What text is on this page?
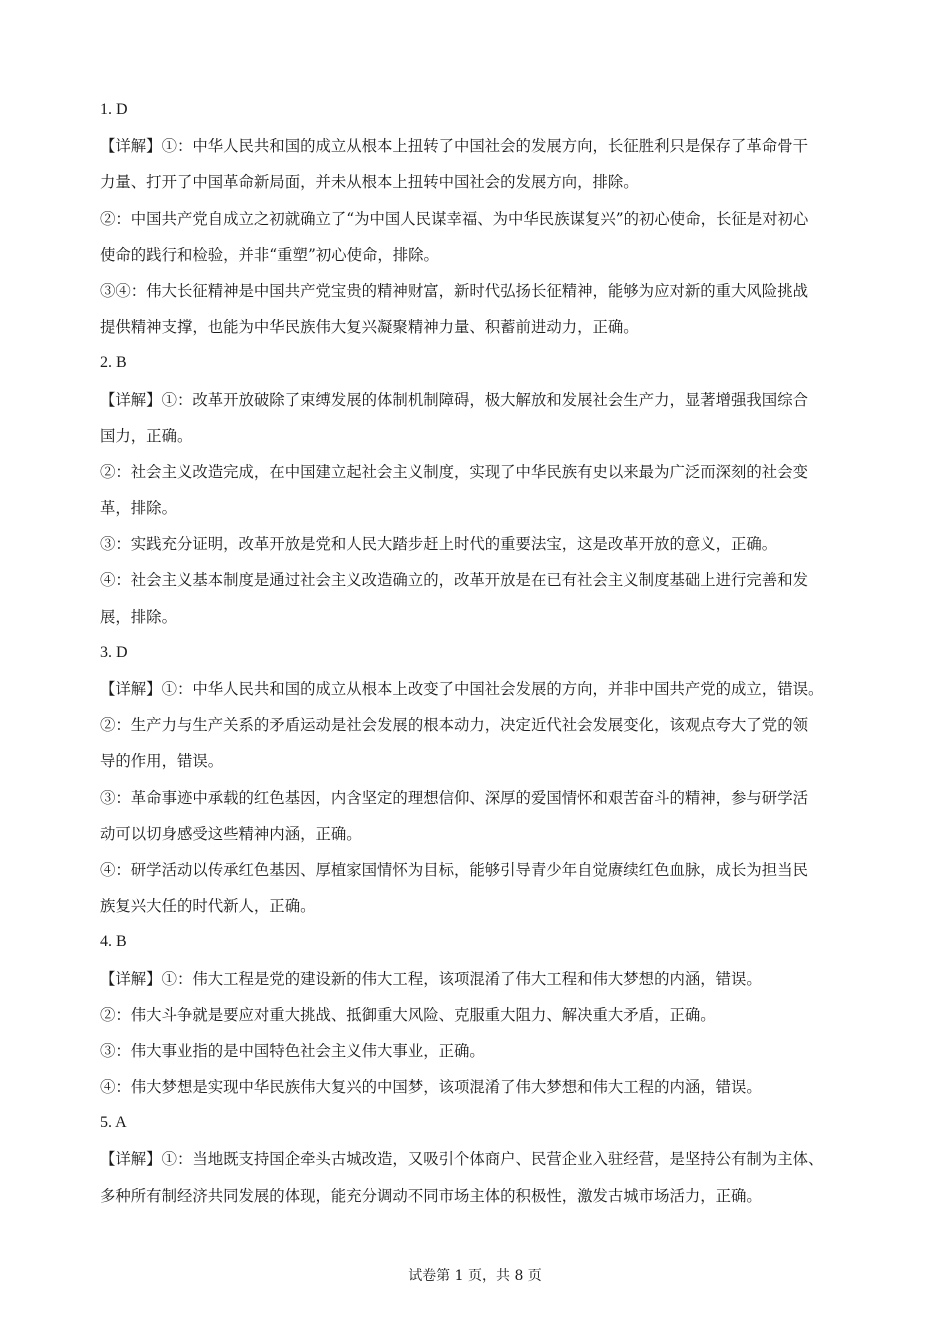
1. D
【详解】①：中华人民共和国的成立从根本上扭转了中国社会的发展方向，长征胜利只是保存了革命骨干
力量、打开了中国革命新局面，并未从根本上扭转中国社会的发展方向，排除。
②：中国共产党自成立之初就确立了“为中国人民谋幸福、为中华民族谋复兴”的初心使命，长征是对初心
使命的践行和检验，并非“重塑”初心使命，排除。
③④：伟大长征精神是中国共产党宝贵的精神财富，新时代弘扬长征精神，能够为应对新的重大风险挑战
提供精神支撑，也能为中华民族伟大复兴凝聚精神力量、积蓄前进动力，正确。
2. B
【详解】①：改革开放破除了束缚发展的体制机制障碍，极大解放和发展社会生产力，显著增强我国综合
国力，正确。
②：社会主义改造完成，在中国建立起社会主义制度，实现了中华民族有史以来最为广泛而深刻的社会变
革，排除。
③：实践充分证明，改革开放是党和人民大踏步赶上时代的重要法宝，这是改革开放的意义，正确。
④：社会主义基本制度是通过社会主义改造确立的，改革开放是在已有社会主义制度基础上进行完善和发
展，排除。
3. D
【详解】①：中华人民共和国的成立从根本上改变了中国社会发展的方向，并非中国共产党的成立，错误。
②：生产力与生产关系的矛盾运动是社会发展的根本动力，决定近代社会发展变化，该观点夸大了党的领
导的作用，错误。
③：革命事迹中承载的红色基因，内含坚定的理想信仰、深厚的爱国情怀和艰苦奋斗的精神，参与研学活
动可以切身感受这些精神内涵，正确。
④：研学活动以传承红色基因、厚植家国情怀为目标，能够引导青少年自觉赓续红色血脉，成长为担当民
族复兴大任的时代新人，正确。
4. B
【详解】①：伟大工程是党的建设新的伟大工程，该项混淆了伟大工程和伟大梦想的内涵，错误。
②：伟大斗争就是要应对重大挑战、抵御重大风险、克服重大阻力、解决重大矛盾，正确。
③：伟大事业指的是中国特色社会主义伟大事业，正确。
④：伟大梦想是实现中华民族伟大复兴的中国梦，该项混淆了伟大梦想和伟大工程的内涵，错误。
5. A
【详解】①：当地既支持国企牵头古城改造，又吸引个体商户、民营企业入驻经营，是坚持公有制为主体、
多种所有制经济共同发展的体现，能充分调动不同市场主体的积极性，激发古城市场活力，正确。
试卷第 1 页，共 8 页
